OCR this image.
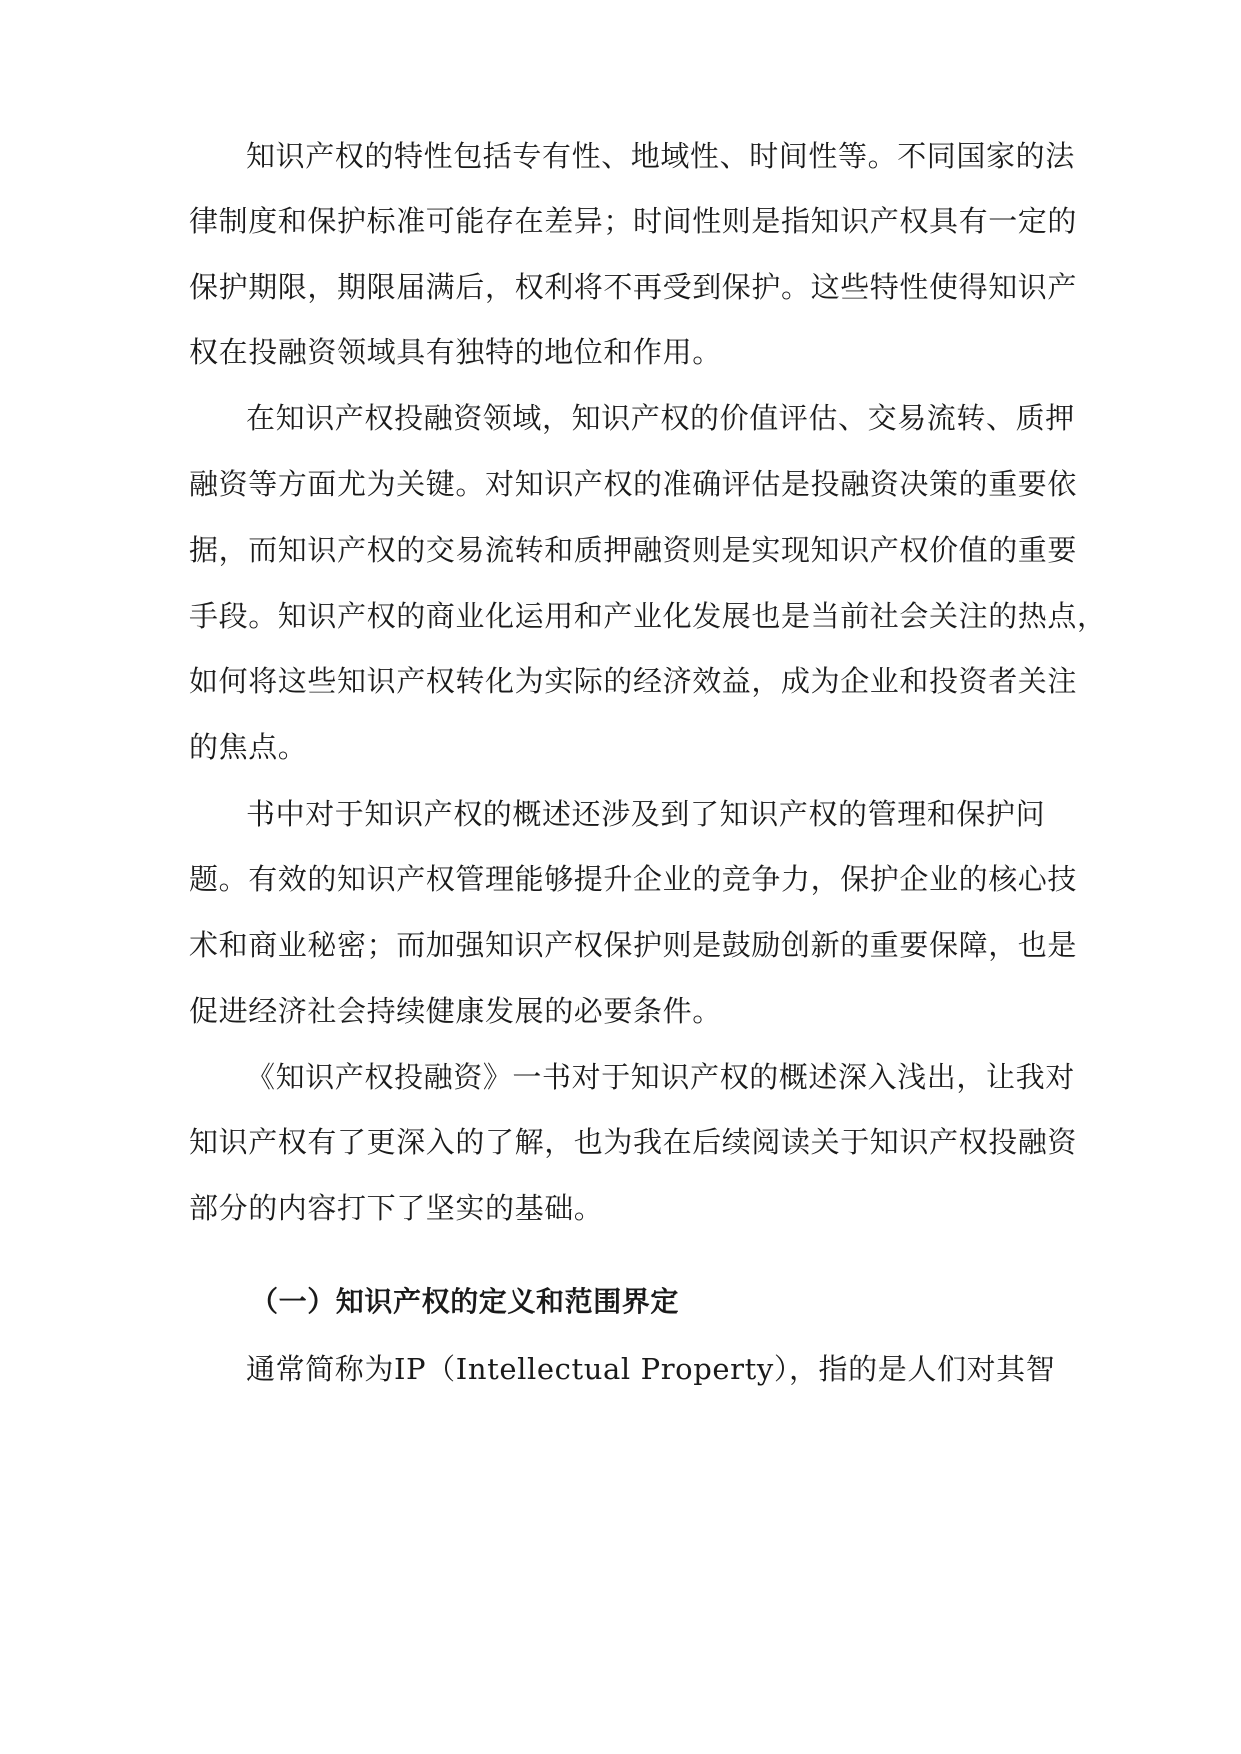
知识产权的特性包括专有性、地域性、时间性等。不同国家的法
律制度和保护标准可能存在差异；时间性则是指知识产权具有一定的
保护期限，期限届满后，权利将不再受到保护。这些特性使得知识产
权在投融资领域具有独特的地位和作用。
在知识产权投融资领域，知识产权的价值评估、交易流转、质押
融资等方面尤为关键。对知识产权的准确评估是投融资决策的重要依
据，而知识产权的交易流转和质押融资则是实现知识产权价值的重要
手段。知识产权的商业化运用和产业化发展也是当前社会关注的热点，
如何将这些知识产权转化为实际的经济效益，成为企业和投资者关注
的焦点。
书中对于知识产权的概述还涉及到了知识产权的管理和保护问
题。有效的知识产权管理能够提升企业的竞争力，保护企业的核心技
术和商业秘密；而加强知识产权保护则是鼓励创新的重要保障，也是
促进经济社会持续健康发展的必要条件。
《知识产权投融资》一书对于知识产权的概述深入浅出，让我对
知识产权有了更深入的了解，也为我在后续阅读关于知识产权投融资
部分的内容打下了坚实的基础。
（一）知识产权的定义和范围界定
通常简称为IP（Intellectual Property），指的是人们对其智
